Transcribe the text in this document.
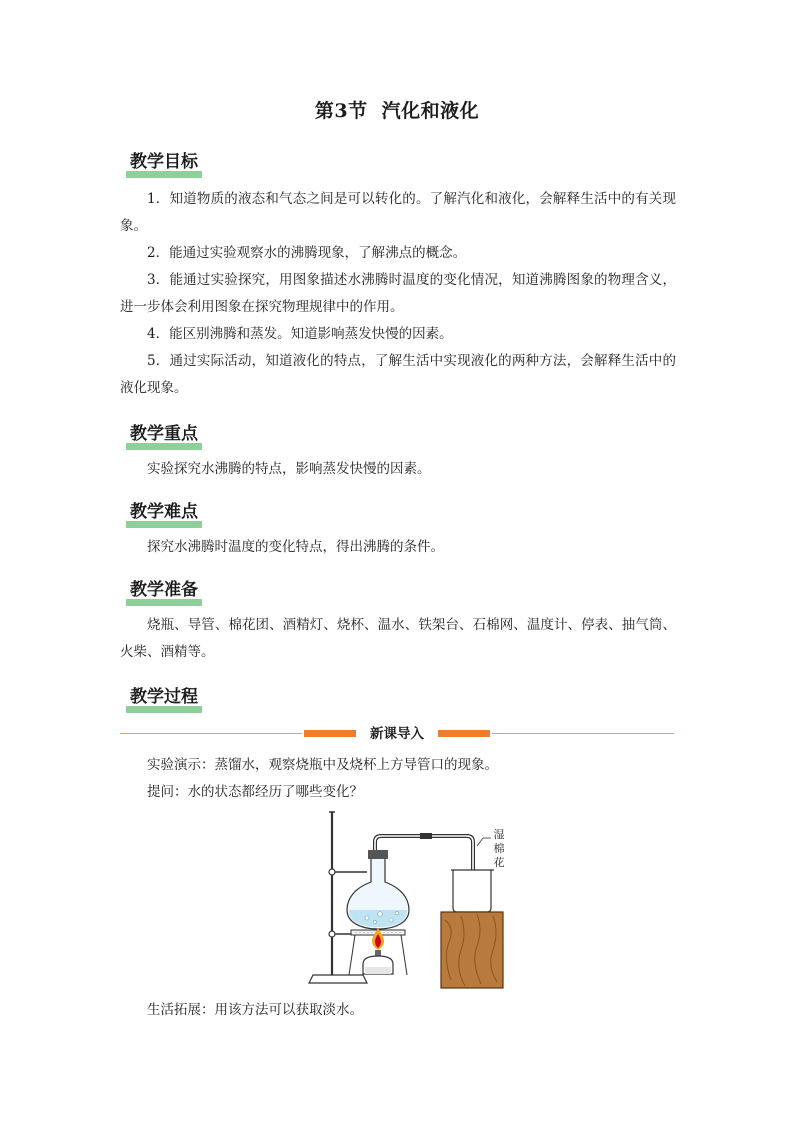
第3节 汽化和液化
教学目标
1．知道物质的液态和气态之间是可以转化的。了解汽化和液化，会解释生活中的有关现象。
2．能通过实验观察水的沸腾现象，了解沸点的概念。
3．能通过实验探究，用图象描述水沸腾时温度的变化情况，知道沸腾图象的物理含义，进一步体会利用图象在探究物理规律中的作用。
4．能区别沸腾和蒸发。知道影响蒸发快慢的因素。
5．通过实际活动，知道液化的特点，了解生活中实现液化的两种方法，会解释生活中的液化现象。
教学重点
实验探究水沸腾的特点，影响蒸发快慢的因素。
教学难点
探究水沸腾时温度的变化特点，得出沸腾的条件。
教学准备
烧瓶、导管、棉花团、酒精灯、烧杯、温水、铁架台、石棉网、温度计、停表、抽气筒、火柴、酒精等。
教学过程
新课导入
实验演示：蒸馏水，观察烧瓶中及烧杯上方导管口的现象。
提问：水的状态都经历了哪些变化？
湿棉花
生活拓展：用该方法可以获取淡水。
